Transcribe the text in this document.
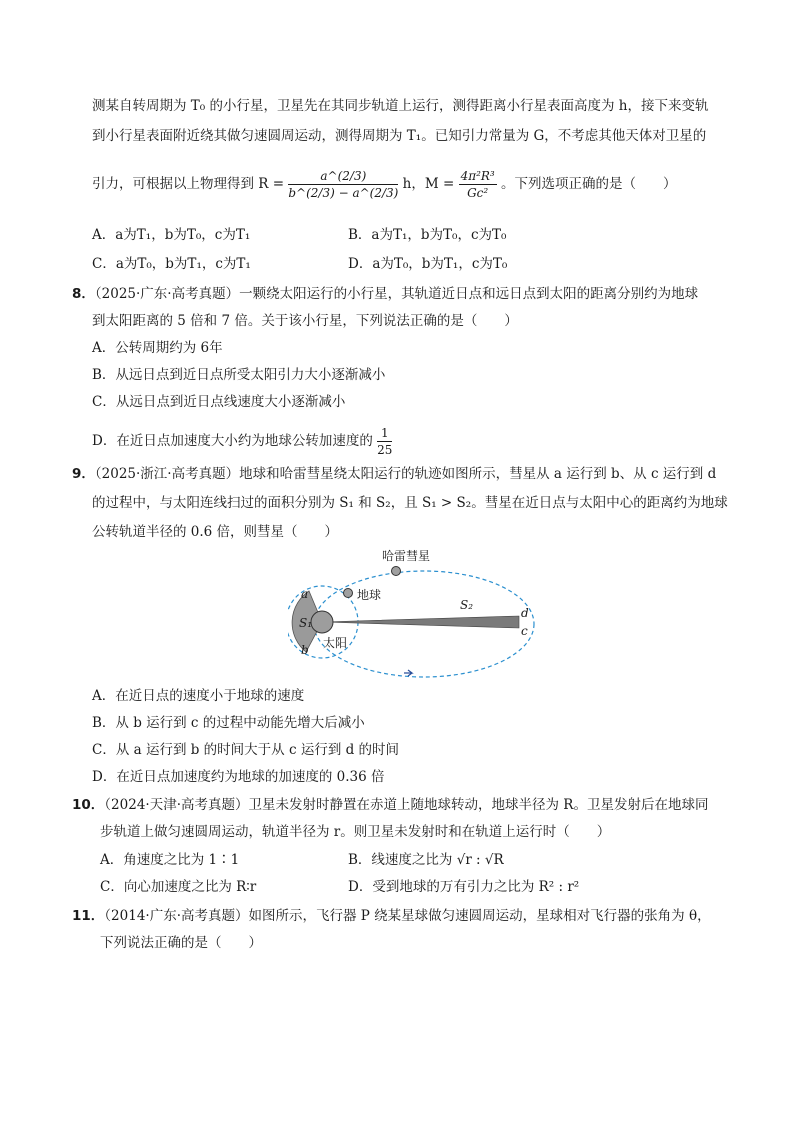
测某自转周期为 T₀ 的小行星，卫星先在其同步轨道上运行，测得距离小行星表面高度为 h，接下来变轨
到小行星表面附近绕其做匀速圆周运动，测得周期为 T₁。已知引力常量为 G，不考虑其他天体对卫星的
引力，可根据以上物理得到 $R = \frac{a\^{}(2/3)}{b\^{}(2/3) - a\^{}(2/3)}$ h，$M = \frac{\text{4π²R³}}{\text{Gc²}}$ 。下列选项正确的是（　　）
A．a为T₁，b为T₀，c为T₁	B．a为T₁，b为T₀，c为T₀
C．a为T₀，b为T₁，c为T₁	D．a为T₀，b为T₁，c为T₀
8．（2025·广东·高考真题）一颗绕太阳运行的小行星，其轨道近日点和远日点到太阳的距离分别约为地球
到太阳距离的 5 倍和 7 倍。关于该小行星，下列说法正确的是（　　）
A．公转周期约为 6年
B．从远日点到近日点所受太阳引力大小逐渐减小
C．从远日点到近日点线速度大小逐渐减小
D．在近日点加速度大小约为地球公转加速度的 $\frac{1}{25}$
9．（2025·浙江·高考真题）地球和哈雷彗星绕太阳运行的轨迹如图所示，彗星从 a 运行到 b、从 c 运行到 d
的过程中，与太阳连线扫过的面积分别为 S₁ 和 S₂，且 S₁ > S₂。彗星在近日点与太阳中心的距离约为地球
公转轨道半径的 0.6 倍，则彗星（　　）
哈雷彗星
地球
太阳
S₁
S₂
a
b
c
d
A．在近日点的速度小于地球的速度
B．从 b 运行到 c 的过程中动能先增大后减小
C．从 a 运行到 b 的时间大于从 c 运行到 d 的时间
D．在近日点加速度约为地球的加速度的 0.36 倍
10．（2024·天津·高考真题）卫星未发射时静置在赤道上随地球转动，地球半径为 R。卫星发射后在地球同
步轨道上做匀速圆周运动，轨道半径为 r。则卫星未发射时和在轨道上运行时（　　）
A．角速度之比为 1∶1	B．线速度之比为 √r : √R
C．向心加速度之比为 R∶r	D．受到地球的万有引力之比为 R² : r²
11．（2014·广东·高考真题）如图所示，飞行器 P 绕某星球做匀速圆周运动，星球相对飞行器的张角为 θ，
下列说法正确的是（　　）
